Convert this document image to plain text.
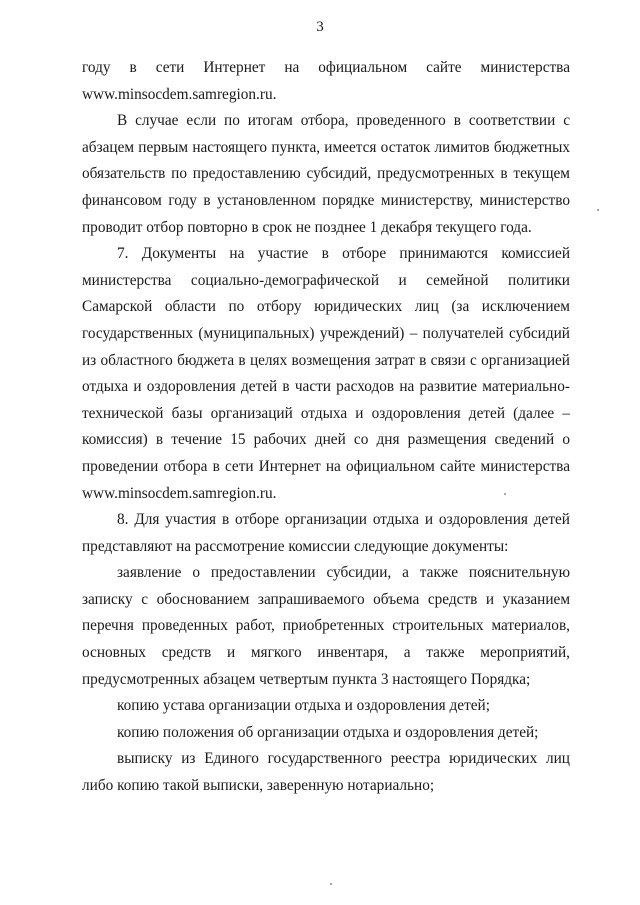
3
году в сети Интернет на официальном сайте министерства
www.minsocdem.samregion.ru.
В случае если по итогам отбора, проведенного в соответствии с
абзацем первым настоящего пункта, имеется остаток лимитов бюджетных
обязательств по предоставлению субсидий, предусмотренных в текущем
финансовом году в установленном порядке министерству, министерство
проводит отбор повторно в срок не позднее 1 декабря текущего года.
7. Документы на участие в отборе принимаются комиссией
министерства социально-демографической и семейной политики
Самарской области по отбору юридических лиц (за исключением
государственных (муниципальных) учреждений) – получателей субсидий
из областного бюджета в целях возмещения затрат в связи с организацией
отдыха и оздоровления детей в части расходов на развитие материально-
технической базы организаций отдыха и оздоровления детей (далее –
комиссия) в течение 15 рабочих дней со дня размещения сведений о
проведении отбора в сети Интернет на официальном сайте министерства
www.minsocdem.samregion.ru.
8. Для участия в отборе организации отдыха и оздоровления детей
представляют на рассмотрение комиссии следующие документы:
заявление о предоставлении субсидии, а также пояснительную
записку с обоснованием запрашиваемого объема средств и указанием
перечня проведенных работ, приобретенных строительных материалов,
основных средств и мягкого инвентаря, а также мероприятий,
предусмотренных абзацем четвертым пункта 3 настоящего Порядка;
копию устава организации отдыха и оздоровления детей;
копию положения об организации отдыха и оздоровления детей;
выписку из Единого государственного реестра юридических лиц
либо копию такой выписки, заверенную нотариально;
